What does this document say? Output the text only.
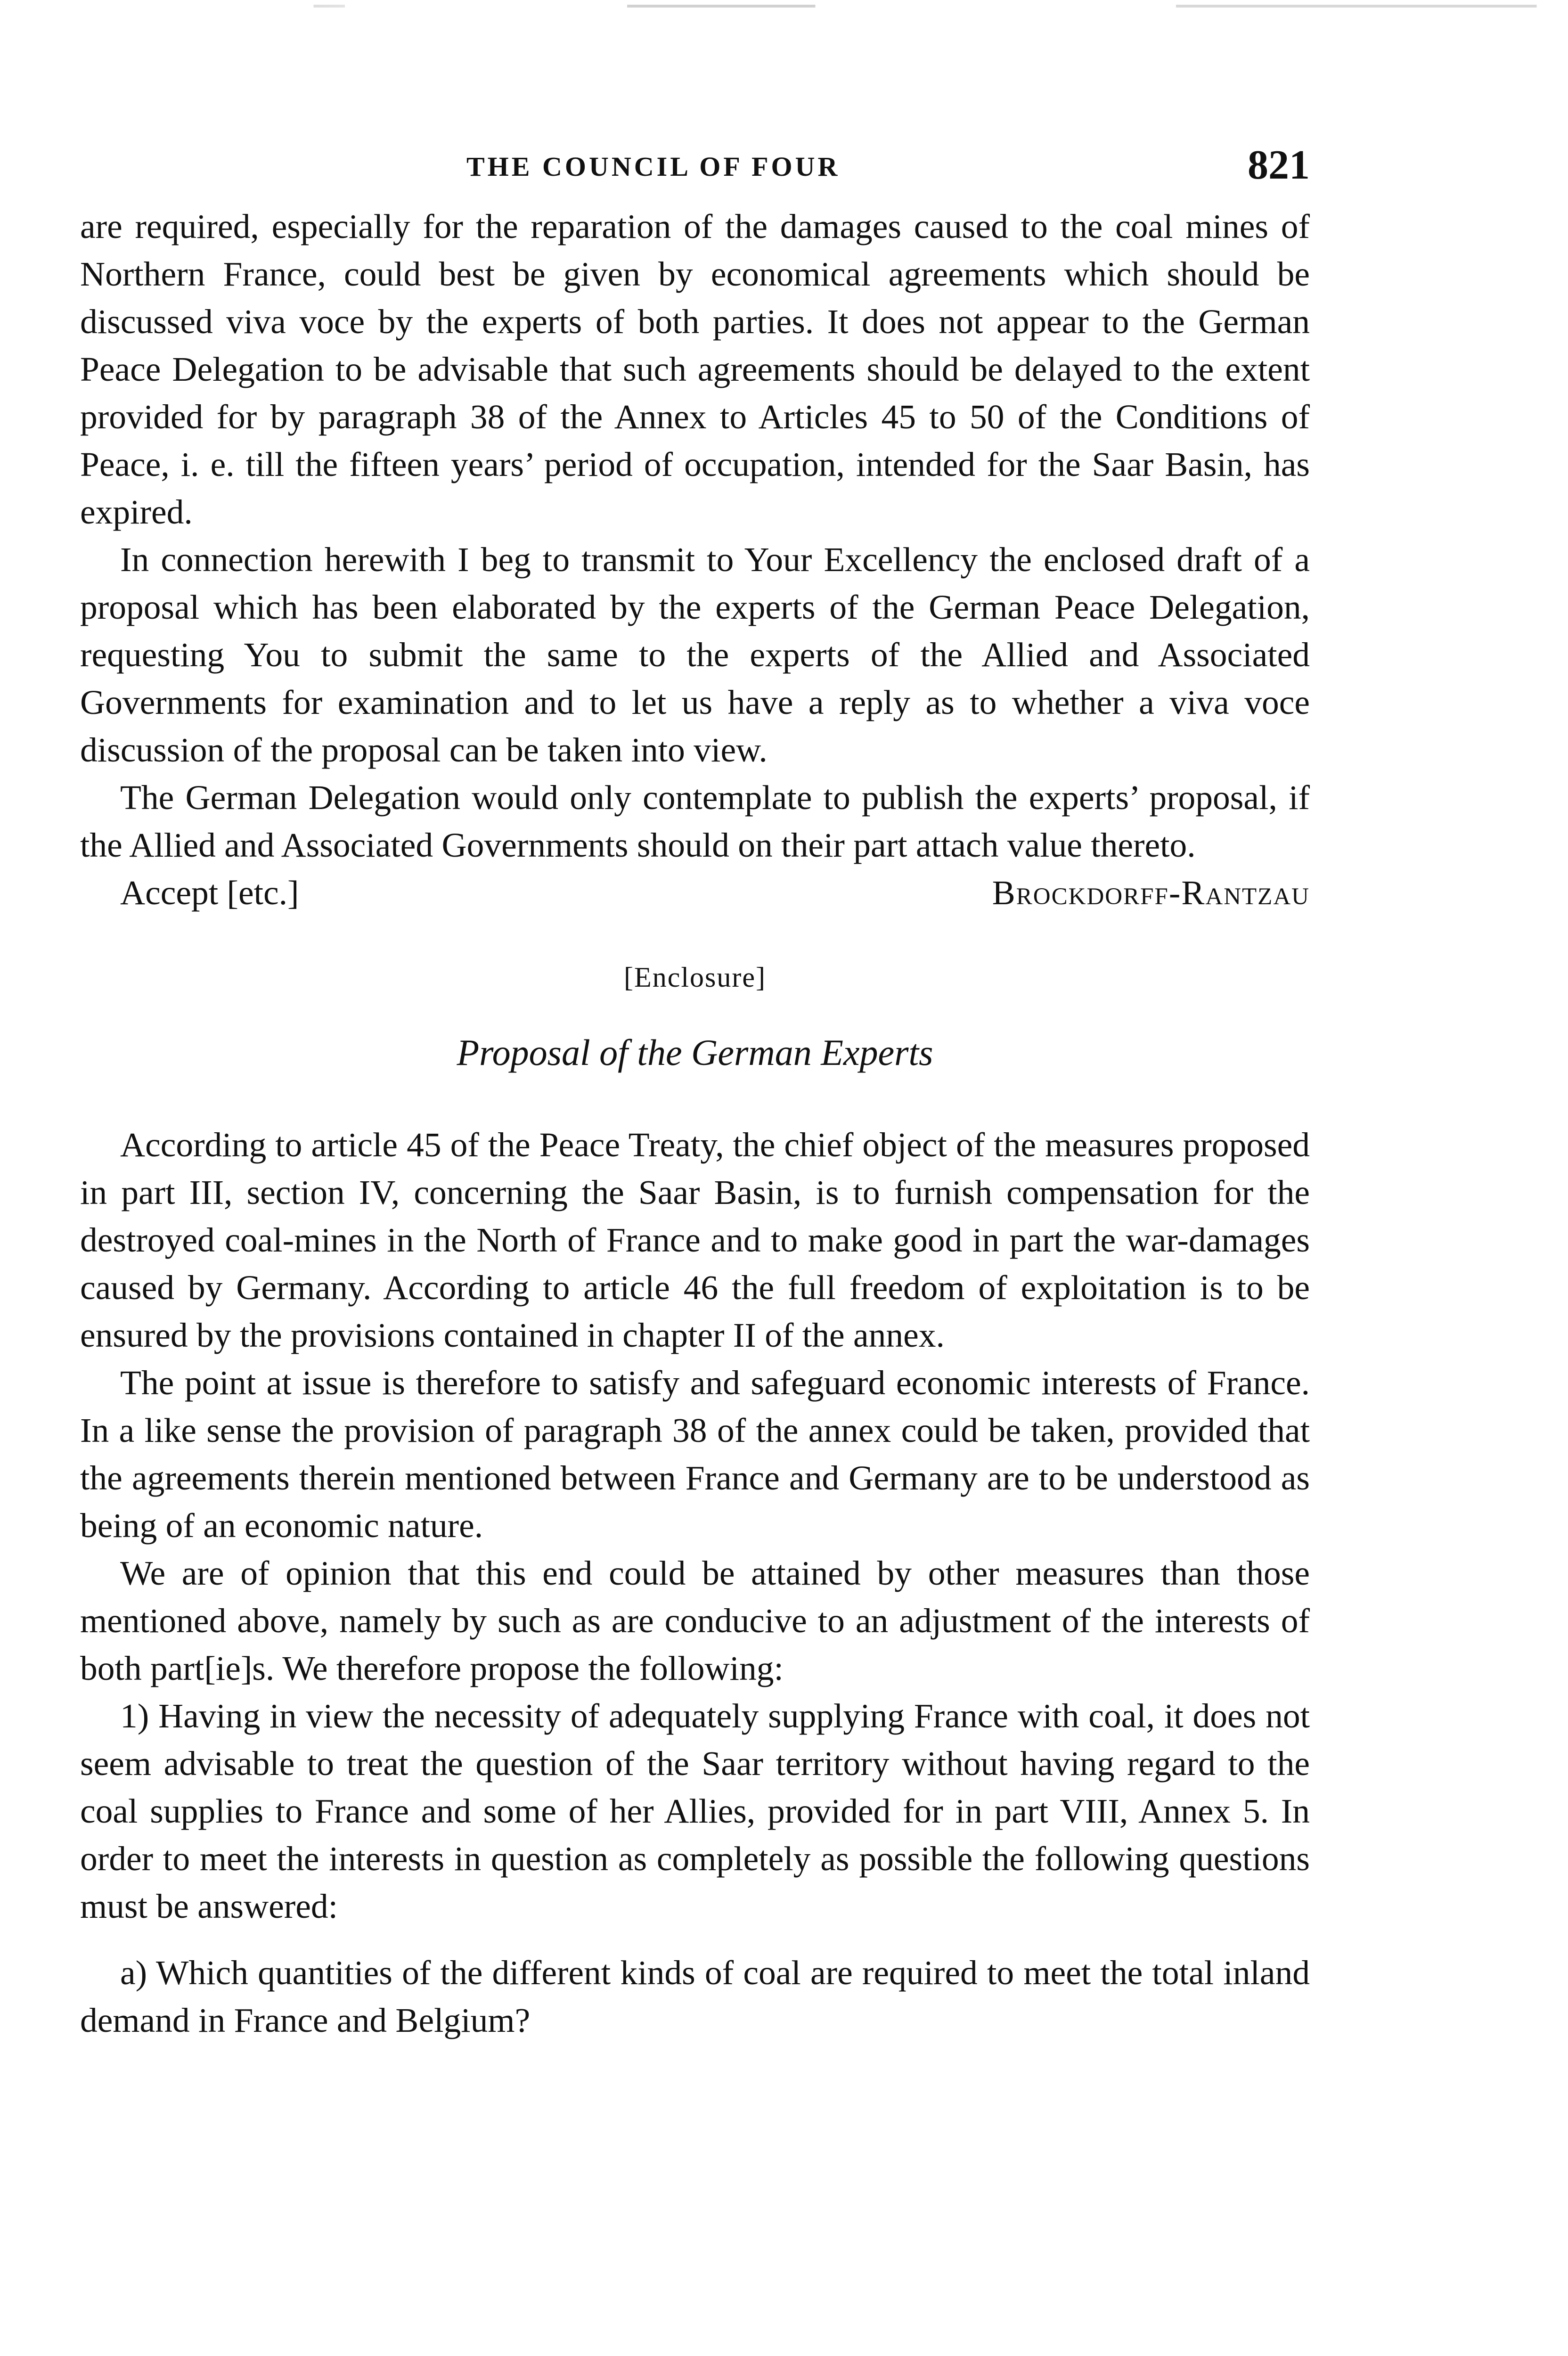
THE COUNCIL OF FOUR	821

are required, especially for the reparation of the damages caused to the coal mines of Northern France, could best be given by economical agreements which should be discussed viva voce by the experts of both parties. It does not appear to the German Peace Delegation to be advisable that such agreements should be delayed to the extent provided for by paragraph 38 of the Annex to Articles 45 to 50 of the Conditions of Peace, i. e. till the fifteen years’ period of occupation, intended for the Saar Basin, has expired.

In connection herewith I beg to transmit to Your Excellency the enclosed draft of a proposal which has been elaborated by the experts of the German Peace Delegation, requesting You to submit the same to the experts of the Allied and Associated Governments for examination and to let us have a reply as to whether a viva voce discussion of the proposal can be taken into view.

The German Delegation would only contemplate to publish the experts’ proposal, if the Allied and Associated Governments should on their part attach value thereto.

Accept [etc.]	Brockdorff-Rantzau
[Enclosure]
Proposal of the German Experts

According to article 45 of the Peace Treaty, the chief object of the measures proposed in part III, section IV, concerning the Saar Basin, is to furnish compensation for the destroyed coal-mines in the North of France and to make good in part the war-damages caused by Germany. According to article 46 the full freedom of exploitation is to be ensured by the provisions contained in chapter II of the annex.

The point at issue is therefore to satisfy and safeguard economic interests of France. In a like sense the provision of paragraph 38 of the annex could be taken, provided that the agreements therein mentioned between France and Germany are to be understood as being of an economic nature.

We are of opinion that this end could be attained by other measures than those mentioned above, namely by such as are conducive to an adjustment of the interests of both part[ie]s. We therefore propose the following:

1) Having in view the necessity of adequately supplying France with coal, it does not seem advisable to treat the question of the Saar territory without having regard to the coal supplies to France and some of her Allies, provided for in part VIII, Annex 5. In order to meet the interests in question as completely as possible the following questions must be answered:

a) Which quantities of the different kinds of coal are required to meet the total inland demand in France and Belgium?
